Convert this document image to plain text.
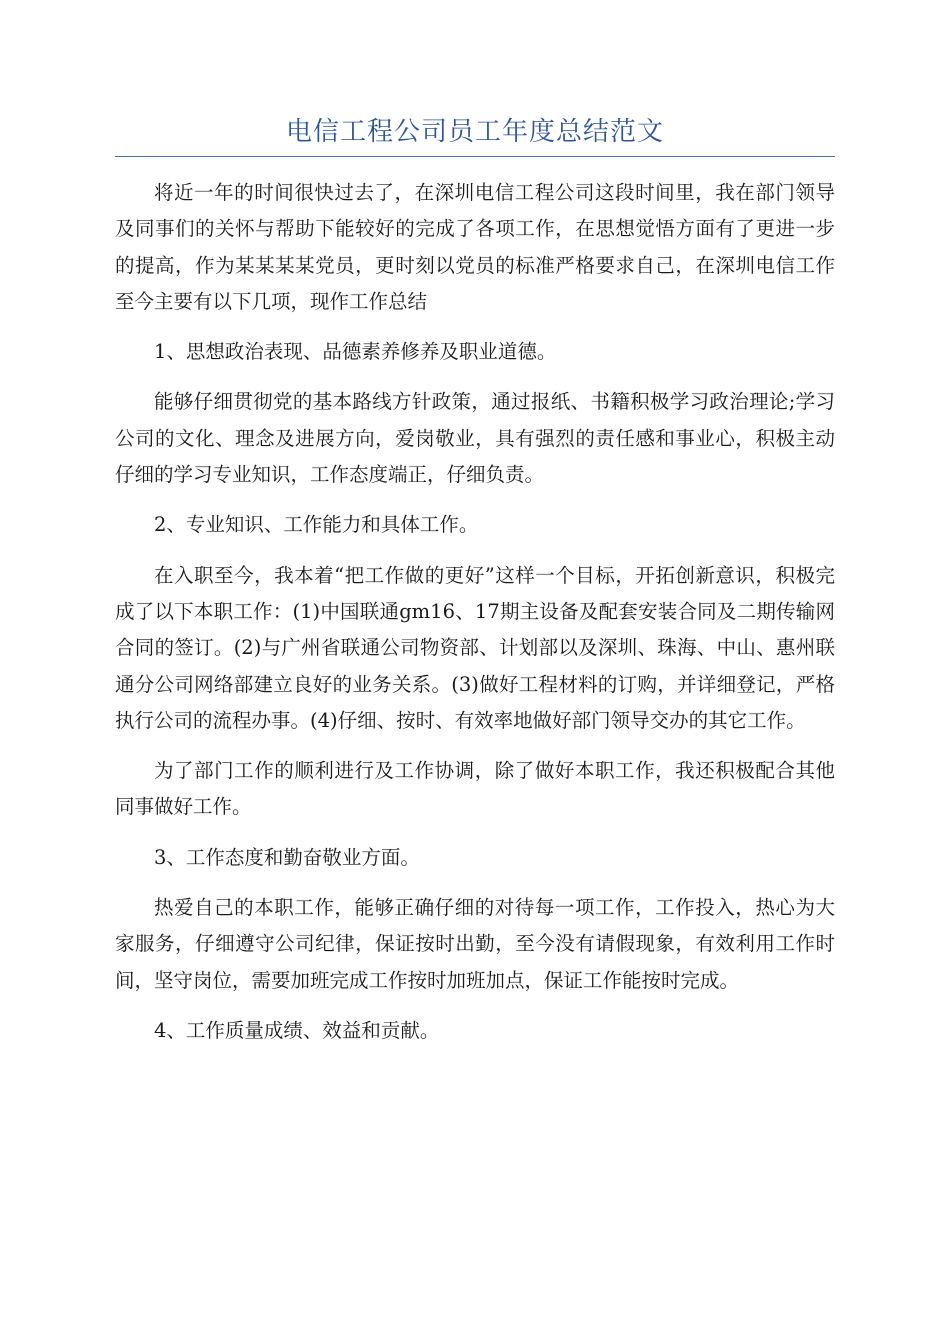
电信工程公司员工年度总结范文

将近一年的时间很快过去了，在深圳电信工程公司这段时间里，我在部门领导及同事们的关怀与帮助下能较好的完成了各项工作，在思想觉悟方面有了更进一步的提高，作为某某某某党员，更时刻以党员的标准严格要求自己，在深圳电信工作至今主要有以下几项，现作工作总结

1、思想政治表现、品德素养修养及职业道德。

能够仔细贯彻党的基本路线方针政策，通过报纸、书籍积极学习政治理论;学习公司的文化、理念及进展方向，爱岗敬业，具有强烈的责任感和事业心，积极主动仔细的学习专业知识，工作态度端正，仔细负责。

2、专业知识、工作能力和具体工作。

在入职至今，我本着“把工作做的更好”这样一个目标，开拓创新意识，积极完成了以下本职工作：(1)中国联通gm16、17期主设备及配套安装合同及二期传输网合同的签订。(2)与广州省联通公司物资部、计划部以及深圳、珠海、中山、惠州联通分公司网络部建立良好的业务关系。(3)做好工程材料的订购，并详细登记，严格执行公司的流程办事。(4)仔细、按时、有效率地做好部门领导交办的其它工作。

为了部门工作的顺利进行及工作协调，除了做好本职工作，我还积极配合其他同事做好工作。

3、工作态度和勤奋敬业方面。

热爱自己的本职工作，能够正确仔细的对待每一项工作，工作投入，热心为大家服务，仔细遵守公司纪律，保证按时出勤，至今没有请假现象，有效利用工作时间，坚守岗位，需要加班完成工作按时加班加点，保证工作能按时完成。

4、工作质量成绩、效益和贡献。
